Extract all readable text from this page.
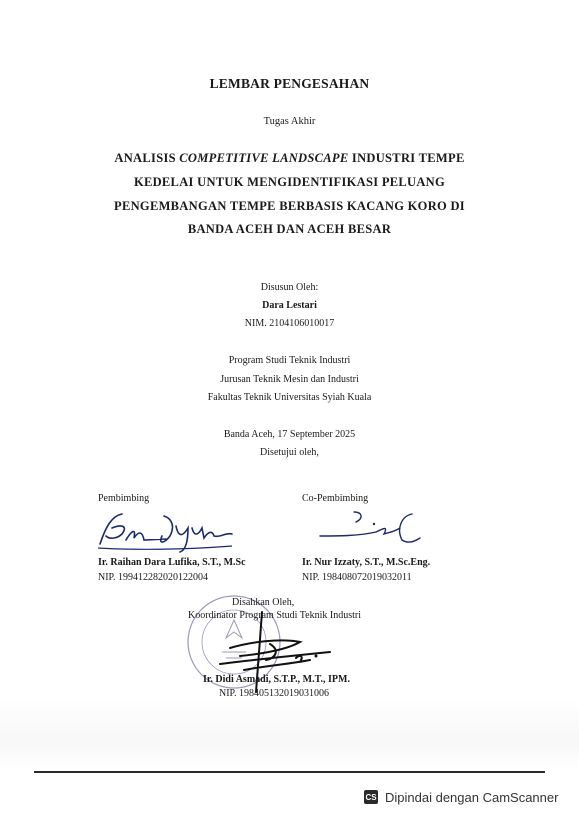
LEMBAR PENGESAHAN
Tugas Akhir
ANALISIS COMPETITIVE LANDSCAPE INDUSTRI TEMPE
KEDELAI UNTUK MENGIDENTIFIKASI PELUANG
PENGEMBANGAN TEMPE BERBASIS KACANG KORO DI
BANDA ACEH DAN ACEH BESAR
Disusun Oleh:
Dara Lestari
NIM. 2104106010017
Program Studi Teknik Industri
Jurusan Teknik Mesin dan Industri
Fakultas Teknik Universitas Syiah Kuala
Banda Aceh, 17 September 2025
Disetujui oleh,
Pembimbing
Ir. Raihan Dara Lufika, S.T., M.Sc
NIP. 199412282020122004
Co-Pembimbing
Ir. Nur Izzaty, S.T., M.Sc.Eng.
NIP. 198408072019032011
Disahkan Oleh,
Koordinator Program Studi Teknik Industri
Ir. Didi Asmadi, S.T.P., M.T., IPM.
NIP. 198405132019031006
CS Dipindai dengan CamScanner
